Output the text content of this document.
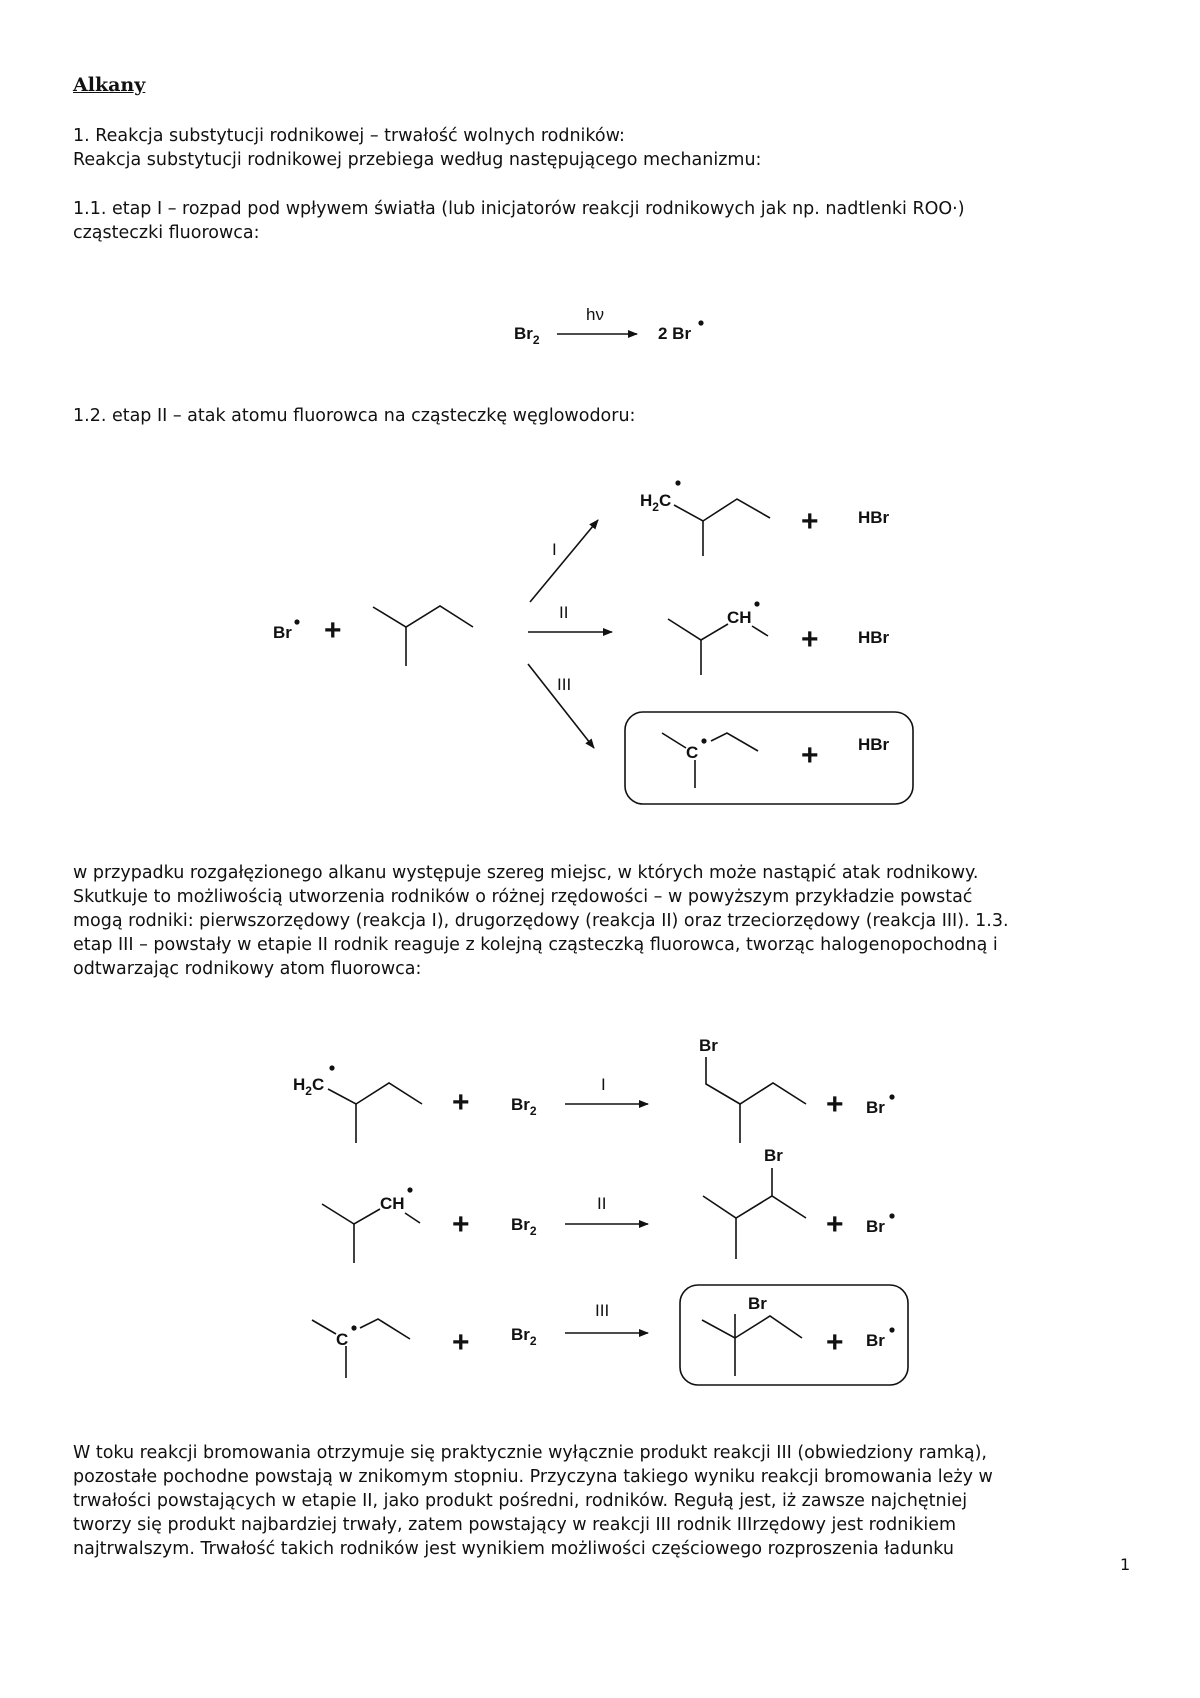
Alkany

1. Reakcja substytucji rodnikowej – trwałość wolnych rodników:

Reakcja substytucji rodnikowej przebiega według następującego mechanizmu:

1.1. etap I – rozpad pod wpływem światła (lub inicjatorów reakcji rodnikowych jak np. nadtlenki ROO·)

cząsteczki fluorowca:

1.2. etap II – atak atomu fluorowca na cząsteczkę węglowodoru:

w przypadku rozgałęzionego alkanu występuje szereg miejsc, w których może nastąpić atak rodnikowy.

Skutkuje to możliwością utworzenia rodników o różnej rzędowości – w powyższym przykładzie powstać

mogą rodniki: pierwszorzędowy (reakcja I), drugorzędowy (reakcja II) oraz trzeciorzędowy (reakcja III). 1.3.

etap III – powstały w etapie II rodnik reaguje z kolejną cząsteczką fluorowca, tworząc halogenopochodną i

odtwarzając rodnikowy atom fluorowca:

W toku reakcji bromowania otrzymuje się praktycznie wyłącznie produkt reakcji III (obwiedziony ramką),

pozostałe pochodne powstają w znikomym stopniu. Przyczyna takiego wyniku reakcji bromowania leży w

trwałości powstających w etapie II, jako produkt pośredni, rodników. Regułą jest, iż zawsze najchętniej

tworzy się produkt najbardziej trwały, zatem powstający w reakcji III rodnik IIIrzędowy jest rodnikiem

najtrwalszym. Trwałość takich rodników jest wynikiem możliwości częściowego rozproszenia ładunku

1

$Br_2$
hν
2 Br
Br +
I
II
III
$H_2C$
+ HBr
CH
+ HBr
C	+ HBr
$H_2C$
+ $Br_2$
I
Br
+ Br
CH
+ $Br_2$
II
Br
+ Br
C	+ $Br_2$
III	Br
+ Br
